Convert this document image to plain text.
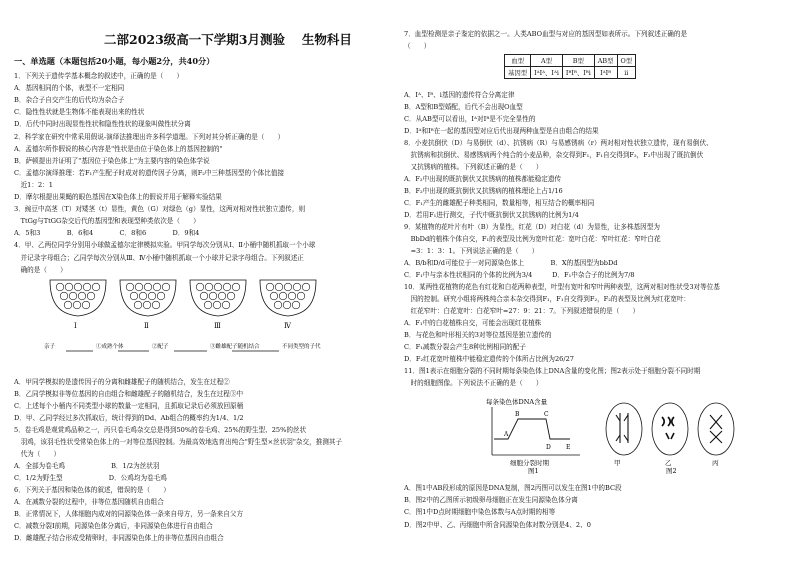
二部2023级高一下学期3月测验　 生物科目
一、单选题（本题包括20小题，每小题2分，共40分）
1．下列关于遗传学基本概念的叙述中，正确的是（　　）
A．基因相同的个体，表型不一定相同
B．杂合子自交产生的后代均为杂合子
C．隐性性状就是生物体不能表现出来的性状
D．后代中同时出现显性性状和隐性性状的现象叫做性状分离
2．科学家在研究中常采用假说-演绎法推理出许多科学道理。下列对其分析正确的是（　　）
A．孟德尔所作假说的核心内容是"性状是由位于染色体上的基因控制的"
B．萨顿提出并证明了"基因位于染色体上"为主要内容的染色体学说
C．孟德尔演绎推理：若F₁产生配子时成对的遗传因子分离，则F₂中三种基因型的个体比值接
　近1：2：1
D．摩尔根提出果蝇的眼色基因在X染色体上的假说并用于解释实验结果
3．豌豆中高茎（T）对矮茎（t）显性，黄色（G）对绿色（g）显性，这两对相对性状独立遗传，则
　TtGg与TtGG杂交后代的基因型和表现型种类依次是（　　）
A．5和3　　　　B．6和4　　　　C．8和6　　　　D．9和4
4．甲、乙两位同学分别用小球做孟德尔定律模拟实验。甲同学每次分别从Ⅰ、Ⅱ小桶中随机抓取一个小球
　并记录字母组合；乙同学每次分别从Ⅲ、Ⅳ小桶中随机抓取一个小球并记录字母组合。下列叙述正
　确的是（　　）
Ⅰ	Ⅱ	Ⅲ	Ⅳ
亲子	①成熟个体	②配子	③雌雄配子随机结合	不同类型的子代
A．甲同学模拟的是遗传因子的分离和雌雄配子的随机结合，发生在过程②
B．乙同学模拟非等位基因的自由组合和雌雄配子的随机结合，发生在过程③中
C．上述每个小桶内不同类型小球的数量一定相同，且抓取记录后必须放回原桶
D．甲、乙同学经过多次抓取后，统计得到的Dd、Ab组合的概率约为1/4、1/2
5．卷毛鸡是观赏鸡品种之一，丙只卷毛鸡杂交总是得到50%的卷毛鸡、25%的野生型、25%的丝状
　羽鸡，该羽毛性状受常染色体上的一对等位基因控制。为最高效地选育出纯合"野生型×丝状羽"杂交，推测其子
　代为（　　）
A．全部为卷毛鸡　　　　　　　B．1/2为丝状羽
C．1/2为野生型　　　　　　　D．公鸡均为卷毛鸡
6．下列关于基因和染色体的叙述，错误的是（　　）
A．在减数分裂的过程中，非等位基因随机自由组合
B．正常情况下，人体细胞内成对的同源染色体一条来自母方，另一条来自父方
C．减数分裂Ⅰ前期，同源染色体分离后，非同源染色体进行自由组合
D．雌雄配子结合形成受精卵时，非同源染色体上的非等位基因自由组合
7．血型检测是亲子鉴定的依据之一。人类ABO血型与对应的基因型如表所示。下列叙述正确的是
（　　）
血型	A型	B型	AB型	O型
基因型	IᴬIᴬ、Iᴬi	IᴮIᴮ、Iᴮi	IᴬIᴮ	ii
A．Iᴬ、Iᴮ、i基因的遗传符合分离定律
B．A型和B型婚配，后代不会出现O血型
C．从AB型可以看出，Iᴬ对Iᴮ是不完全显性的
D．Iᴬ和Iᴮ在一起的基因型对应后代出现两种血型是自由组合的结果
8．小麦抗倒伏（D）与易倒伏（d）、抗锈病（R）与易感锈病（r）两对相对性状独立遗传，现有易倒伏、
　抗锈病和抗倒伏、易感锈病两个纯合的小麦品种，杂交得到F₁，F₁自交得到F₂，F₂中出现了既抗倒伏
　又抗锈病的植株。下列叙述正确的是（　　）
A．F₂中出现的既抗倒伏又抗锈病的植株都能稳定遗传
B．F₂中出现的既抗倒伏又抗锈病的植株理论上占1/16
C．F₁产生的雌雄配子种类相同，数量相等，相互结合的概率相同
D．若用F₁进行测交，子代中既抗倒伏又抗锈病的比例为1/4
9．某植物的花叶片有叶（B）为显性，红花（D）对白花（d）为显性，让多株基因型为
　BbDd的植株个体自交，F₁的表型及比例为宽叶红花：宽叶白花：窄叶红花：窄叶白花
　=3：1：3：1。下列说法正确的是（　　）
A．B/b和D/d可能位于一对同源染色体上　　　　B．X的基因型为bbDd
C．F₁中与亲本性状相同的个体的比例为3/4　　　D．F₁中杂合子的比例为7/8
10．某两性花植物的花色有红花和白花两种表型，叶型有宽叶和窄叶两种表型，这两对相对性状受3对等位基
　因的控制。研究小组将两株纯合亲本杂交得到F₁，F₁自交得到F₂，F₂的表型及比例为红花宽叶：
　红花窄叶：白花宽叶：白花窄叶=27：9：21：7。下列叙述错误的是（　　）
A．F₁中的白花植株自交，可能会出现红花植株
B．与花色和叶形相关的3对等位基因是独立遗传的
C．F₁减数分裂会产生8种比例相同的配子
D．F₂红花宽叶植株中能稳定遗传的个体所占比例为26/27
11．图1表示在细胞分裂的不同时期每条染色体上DNA含量的变化图；图2表示处于细胞分裂不同时期
　时的细胞图像。下列说法不正确的是（　　）
每条染色体DNA含量
A
B	C
D	E
细胞分裂时期
图1
甲	乙	丙
图2
A．图1中AB段形成的原因是DNA复制，图2丙图可以发生在图1中的BC段
B．图2中的乙图所示初级卵母细胞正在发生同源染色体分离
C．图1中D点时期细胞中染色体数与A点时期的相等
D．图2中甲、乙、丙细胞中所含同源染色体对数分别是4、2、0
